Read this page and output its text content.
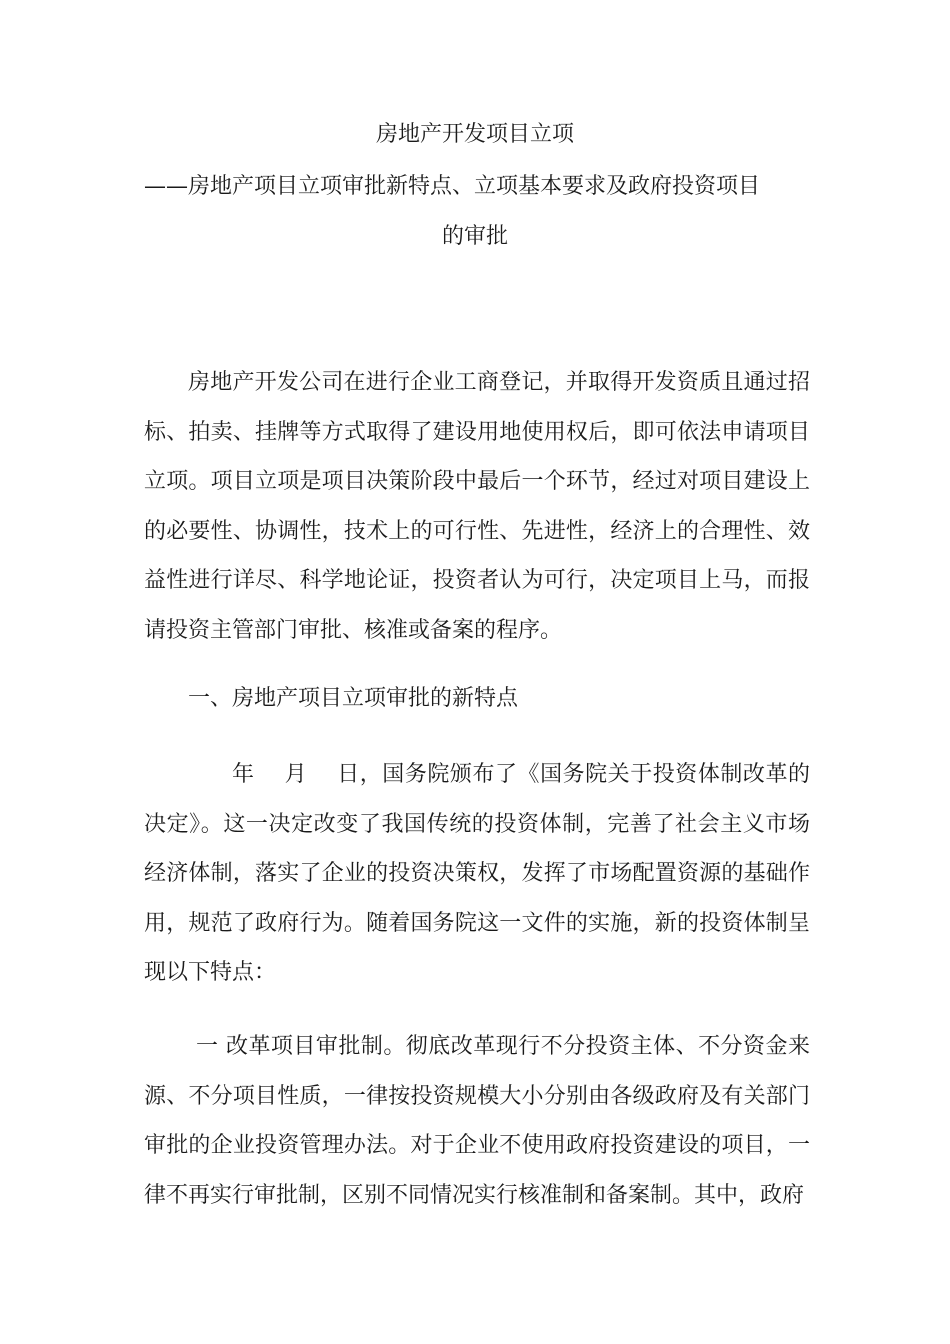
房地产开发项目立项
——房地产项目立项审批新特点、立项基本要求及政府投资项目
的审批

房地产开发公司在进行企业工商登记，并取得开发资质且通过招标、拍卖、挂牌等方式取得了建设用地使用权后，即可依法申请项目立项。项目立项是项目决策阶段中最后一个环节，经过对项目建设上的必要性、协调性，技术上的可行性、先进性，经济上的合理性、效益性进行详尽、科学地论证，投资者认为可行，决定项目上马，而报请投资主管部门审批、核准或备案的程序。

一、房地产项目立项审批的新特点

年　 月　 日，国务院颁布了《国务院关于投资体制改革的决定》。这一决定改变了我国传统的投资体制，完善了社会主义市场经济体制，落实了企业的投资决策权，发挥了市场配置资源的基础作用，规范了政府行为。随着国务院这一文件的实施，新的投资体制呈现以下特点：

一 改革项目审批制。彻底改革现行不分投资主体、不分资金来源、不分项目性质，一律按投资规模大小分别由各级政府及有关部门审批的企业投资管理办法。对于企业不使用政府投资建设的项目，一律不再实行审批制，区别不同情况实行核准制和备案制。其中，政府
